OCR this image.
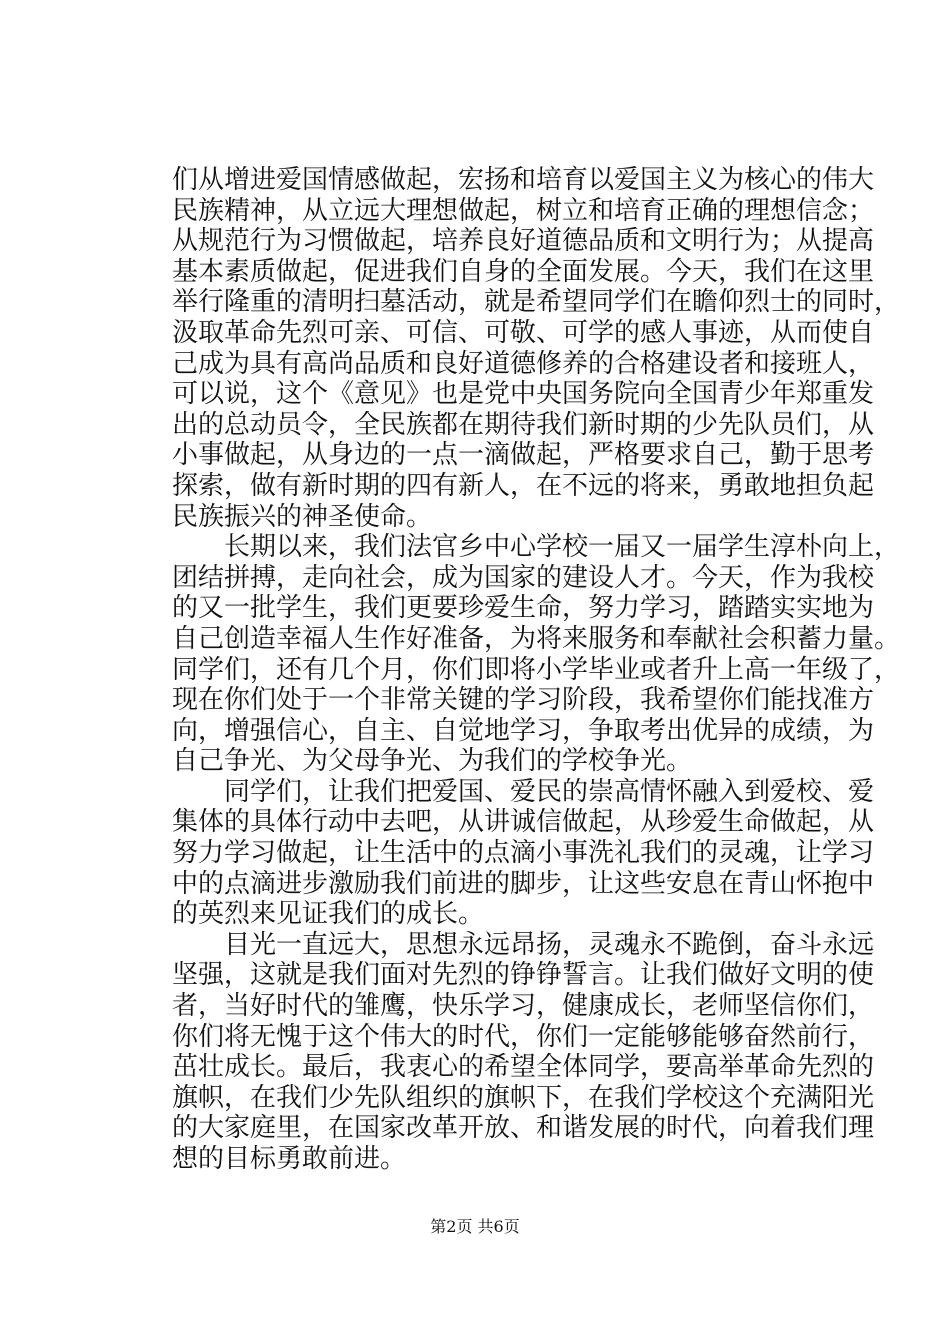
们从增进爱国情感做起，宏扬和培育以爱国主义为核心的伟大
民族精神，从立远大理想做起，树立和培育正确的理想信念；
从规范行为习惯做起，培养良好道德品质和文明行为；从提高
基本素质做起，促进我们自身的全面发展。今天，我们在这里
举行隆重的清明扫墓活动，就是希望同学们在瞻仰烈士的同时，
汲取革命先烈可亲、可信、可敬、可学的感人事迹，从而使自
己成为具有高尚品质和良好道德修养的合格建设者和接班人，
可以说，这个《意见》也是党中央国务院向全国青少年郑重发
出的总动员令，全民族都在期待我们新时期的少先队员们，从
小事做起，从身边的一点一滴做起，严格要求自己，勤于思考
探索，做有新时期的四有新人，在不远的将来，勇敢地担负起
民族振兴的神圣使命。
　　长期以来，我们法官乡中心学校一届又一届学生淳朴向上，
团结拼搏，走向社会，成为国家的建设人才。今天，作为我校
的又一批学生，我们更要珍爱生命，努力学习，踏踏实实地为
自己创造幸福人生作好准备，为将来服务和奉献社会积蓄力量。
同学们，还有几个月，你们即将小学毕业或者升上高一年级了，
现在你们处于一个非常关键的学习阶段，我希望你们能找准方
向，增强信心，自主、自觉地学习，争取考出优异的成绩，为
自己争光、为父母争光、为我们的学校争光。
　　同学们，让我们把爱国、爱民的崇高情怀融入到爱校、爱
集体的具体行动中去吧，从讲诚信做起，从珍爱生命做起，从
努力学习做起，让生活中的点滴小事洗礼我们的灵魂，让学习
中的点滴进步激励我们前进的脚步，让这些安息在青山怀抱中
的英烈来见证我们的成长。
　　目光一直远大，思想永远昂扬，灵魂永不跪倒，奋斗永远
坚强，这就是我们面对先烈的铮铮誓言。让我们做好文明的使
者，当好时代的雏鹰，快乐学习，健康成长，老师坚信你们，
你们将无愧于这个伟大的时代，你们一定能够能够奋然前行，
茁壮成长。最后，我衷心的希望全体同学，要高举革命先烈的
旗帜，在我们少先队组织的旗帜下，在我们学校这个充满阳光
的大家庭里，在国家改革开放、和谐发展的时代，向着我们理
想的目标勇敢前进。
第2页 共6页
